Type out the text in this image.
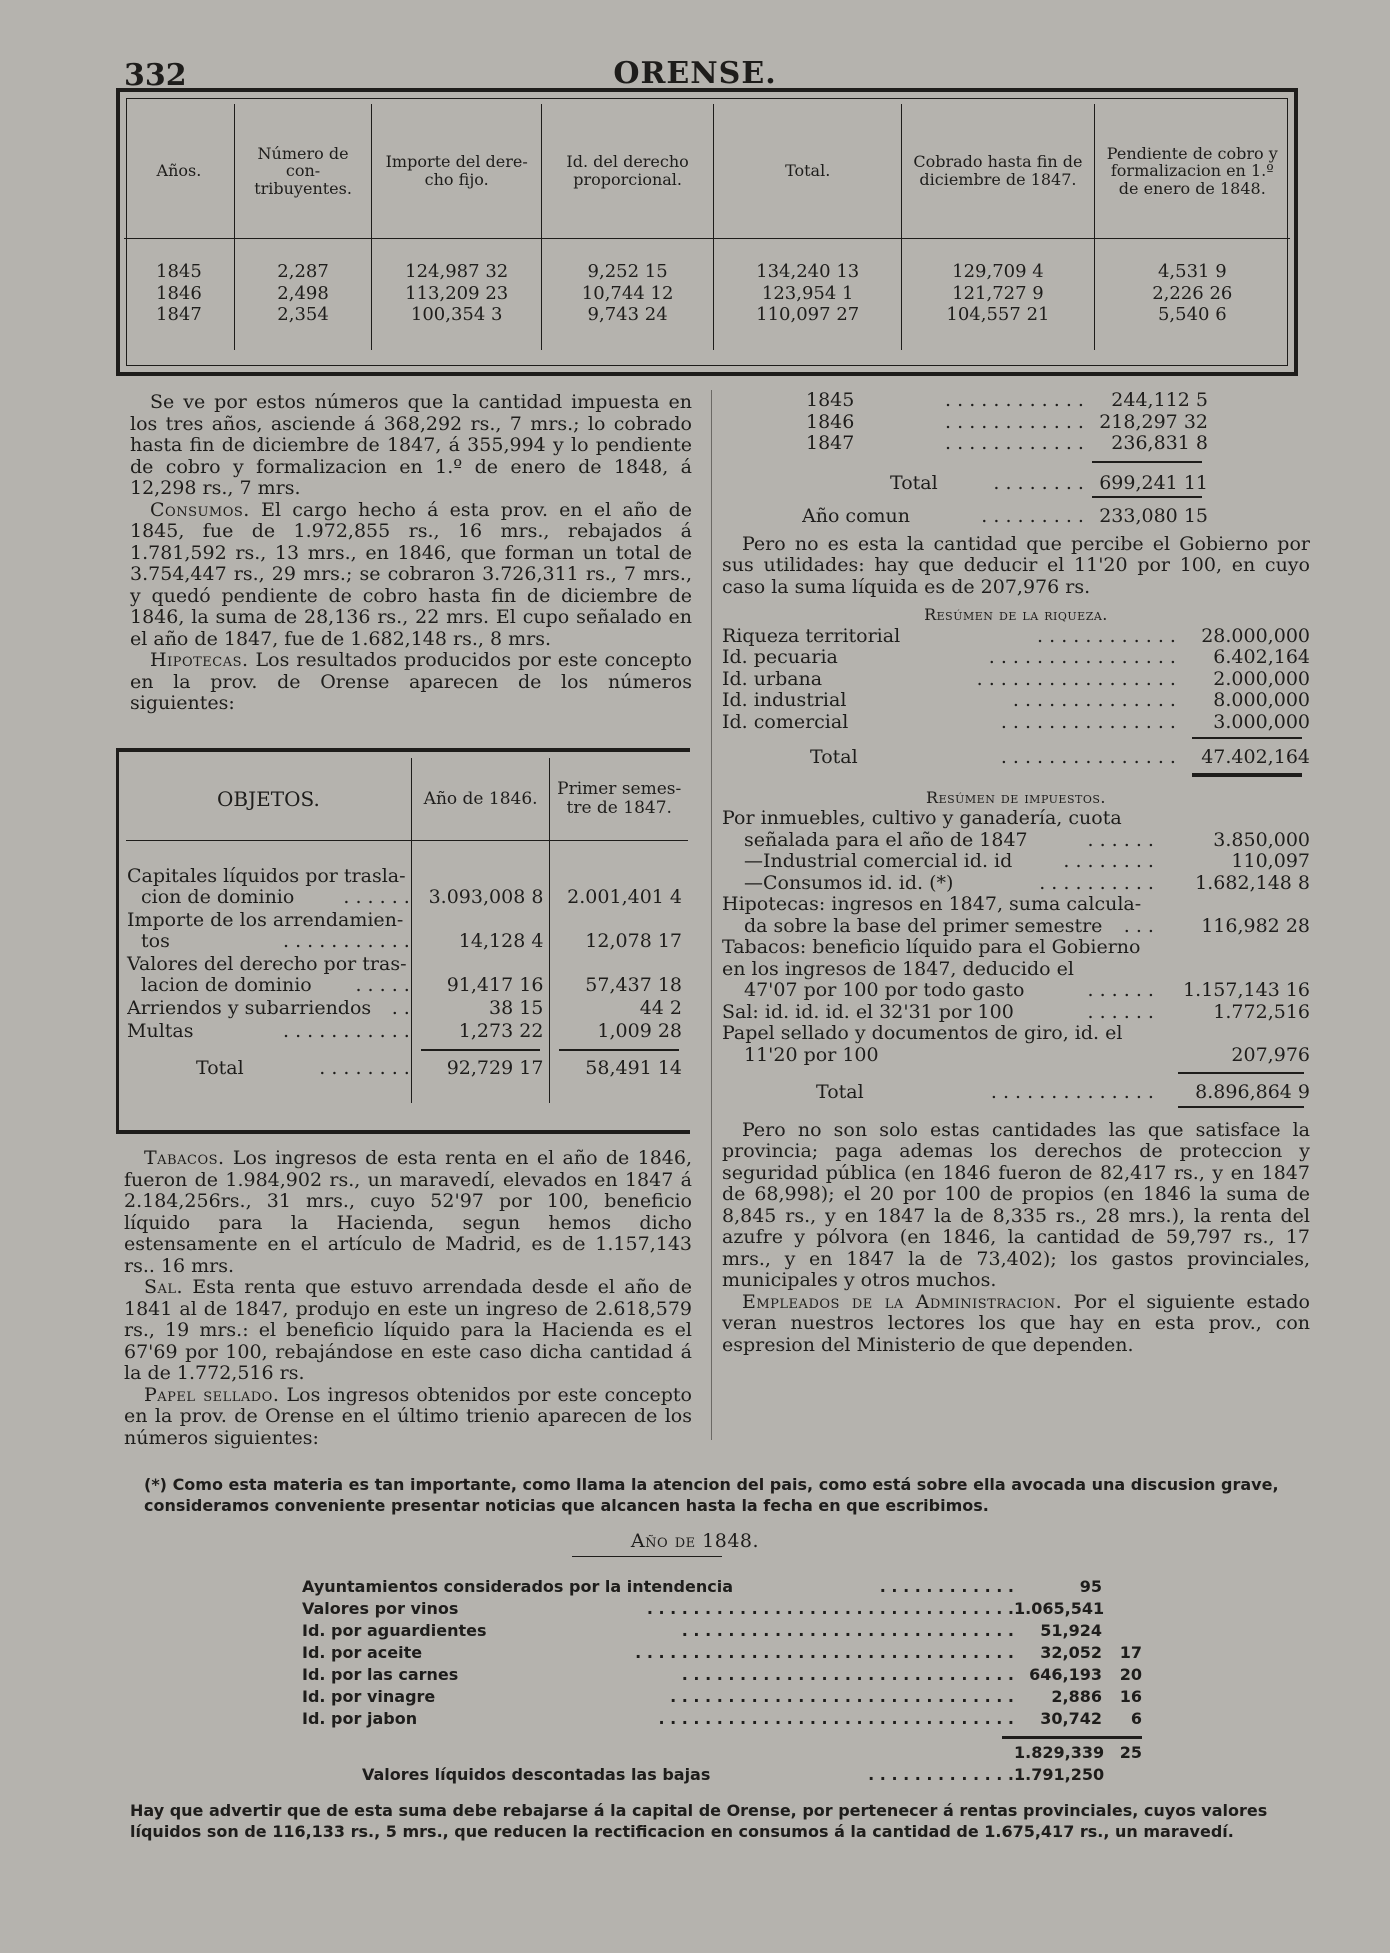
332	ORENSE.
Años.	Número de con-tribuyentes.	Importe del dere-cho fijo.	Id. del derecho proporcional.	Total.	Cobrado hasta fin de diciembre de 1847.	Pendiente de cobro y formalizacion en 1.º de enero de 1848.
1845	2,287	124,987 32	9,252 15	134,240 13	129,709 4	4,531 9
1846	2,498	113,209 23	10,744 12	123,954 1	121,727 9	2,226 26
1847	2,354	100,354 3	9,743 24	110,097 27	104,557 21	5,540 6

Se ve por estos números que la cantidad impuesta en los tres años, asciende á 368,292 rs., 7 mrs.; lo cobrado hasta fin de diciembre de 1847, á 355,994 y lo pendiente de cobro y formalizacion en 1.º de enero de 1848, á 12,298 rs., 7 mrs.

Consumos. El cargo hecho á esta prov. en el año de 1845, fue de 1.972,855 rs., 16 mrs., rebajados á 1.781,592 rs., 13 mrs., en 1846, que forman un total de 3.754,447 rs., 29 mrs.; se cobraron 3.726,311 rs., 7 mrs., y quedó pendiente de cobro hasta fin de diciembre de 1846, la suma de 28,136 rs., 22 mrs. El cupo señalado en el año de 1847, fue de 1.682,148 rs., 8 mrs.

Hipotecas. Los resultados producidos por este concepto en la prov. de Orense aparecen de los números siguientes:

OBJETOS.	Año de 1846.	Primer semes-tre de 1847.

Capitales líquidos por trasla-
cion de dominio . . . . . .	3.093,008 8	2.001,401 4

Importe de los arrendamien-
tos . . . . . . . . . . .	14,128 4	12,078 17

Valores del derecho por tras-
lacion de dominio . . . . .	91,417 16	57,437 18

Arriendos y subarriendos . .	38 15	44 2

Multas . . . . . . . . . . .	1,273 22	1,009 28

Total . . . . . . . .	92,729 17	58,491 14

Tabacos. Los ingresos de esta renta en el año de 1846, fueron de 1.984,902 rs., un maravedí, elevados en 1847 á 2.184,256rs., 31 mrs., cuyo 52'97 por 100, beneficio líquido para la Hacienda, segun hemos dicho estensamente en el artículo de Madrid, es de 1.157,143 rs.. 16 mrs.

Sal. Esta renta que estuvo arrendada desde el año de 1841 al de 1847, produjo en este un ingreso de 2.618,579 rs., 19 mrs.: el beneficio líquido para la Hacienda es el 67'69 por 100, rebajándose en este caso dicha cantidad á la de 1.772,516 rs.

Papel sellado. Los ingresos obtenidos por este concepto en la prov. de Orense en el último trienio aparecen de los números siguientes:

1845	. . . . . . . . . . . .	244,112 5
1846	. . . . . . . . . . . . 218,297 32
1847	. . . . . . . . . . . .	236,831 8
Total	. . . . . . . . 699,241 11
Año comun	. . . . . . . . . 233,080 15

Pero no es esta la cantidad que percibe el Gobierno por sus utilidades: hay que deducir el 11'20 por 100, en cuyo caso la suma líquida es de 207,976 rs.

Resúmen de la riqueza.
Riqueza territorial	. . . . . . . . . . . .	28.000,000
Id. pecuaria	. . . . . . . . . . . . . . . .	6.402,164
Id. urbana	. . . . . . . . . . . . . . . . .	2.000,000
Id. industrial	. . . . . . . . . . . . . .	8.000,000
Id. comercial	. . . . . . . . . . . . . . .	3.000,000
Total	. . . . . . . . . . . . . . .	47.402,164
Resúmen de impuestos.
Por inmuebles, cultivo y ganadería, cuota
señalada para el año de 1847	. . . . . .	3.850,000
—Industrial comercial id. id	. . . . . . . .	110,097
—Consumos id. id. (*)	. . . . . . . . . .	1.682,148 8
Hipotecas: ingresos en 1847, suma calcula-
da sobre la base del primer semestre	. . .	116,982 28
Tabacos: beneficio líquido para el Gobierno en los ingresos de 1847, deducido el
47'07 por 100 por todo gasto	. . . . . .	1.157,143 16
Sal: id. id. id. el 32'31 por 100	. . . . . .	1.772,516
Papel sellado y documentos de giro, id. el
11'20 por 100	207,976
Total	. . . . . . . . . . . . . .	8.896,864 9

Pero no son solo estas cantidades las que satisface la provincia; paga ademas los derechos de proteccion y seguridad pública (en 1846 fueron de 82,417 rs., y en 1847 de 68,998); el 20 por 100 de propios (en 1846 la suma de 8,845 rs., y en 1847 la de 8,335 rs., 28 mrs.), la renta del azufre y pólvora (en 1846, la cantidad de 59,797 rs., 17 mrs., y en 1847 la de 73,402); los gastos provinciales, municipales y otros muchos.

Empleados de la Administracion. Por el siguiente estado veran nuestros lectores los que hay en esta prov., con espresion del Ministerio de que dependen.

(*) Como esta materia es tan importante, como llama la atencion del pais, como está sobre ella avocada una discusion grave, consideramos conveniente presentar noticias que alcancen hasta la fecha en que escribimos.
Año de 1848.
Ayuntamientos considerados por la intendencia	. . . . . . . . . . . .	95
Valores por vinos	. . . . . . . . . . . . . . . . . . . . . . . . . . . . . . . . 1.065,541
Id. por aguardientes	. . . . . . . . . . . . . . . . . . . . . . . . . . . . .	51,924
Id. por aceite	. . . . . . . . . . . . . . . . . . . . . . . . . . . . . . . . .	32,052	17
Id. por las carnes	. . . . . . . . . . . . . . . . . . . . . . . . . . . . . 646,193	20
Id. por vinagre	. . . . . . . . . . . . . . . . . . . . . . . . . . . . . .	2,886	16
Id. por jabon	. . . . . . . . . . . . . . . . . . . . . . . . . . . . . . .	30,742	6
1.829,339 25
Valores líquidos descontadas las bajas	. . . . . . . . . . . . . 1.791,250
Hay que advertir que de esta suma debe rebajarse á la capital de Orense, por pertenecer á rentas provinciales, cuyos valores líquidos son de 116,133 rs., 5 mrs., que reducen la rectificacion en consumos á la cantidad de 1.675,417 rs., un maravedí.
